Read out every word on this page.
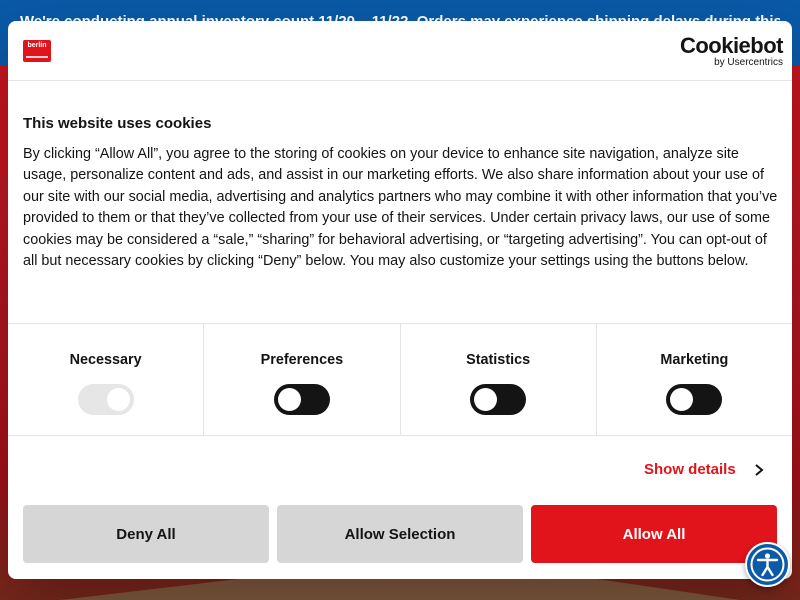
berlin	Cookiebot
by Usercentrics
This website uses cookies
By clicking “Allow All”, you agree to the storing of cookies on your device to enhance site navigation, analyze site usage, personalize content and ads, and assist in our marketing efforts. We also share information about your use of our site with our social media, advertising and analytics partners who may combine it with other information that you’ve provided to them or that they’ve collected from your use of their services. Under certain privacy laws, our use of some cookies may be considered a “sale,” “sharing” for behavioral advertising, or “targeting advertising”. You can opt-out of all but necessary cookies by clicking “Deny” below. You may also customize your settings using the buttons below.
Necessary	Preferences	Statistics	Marketing
Show details
Deny All	Allow Selection	Allow All
